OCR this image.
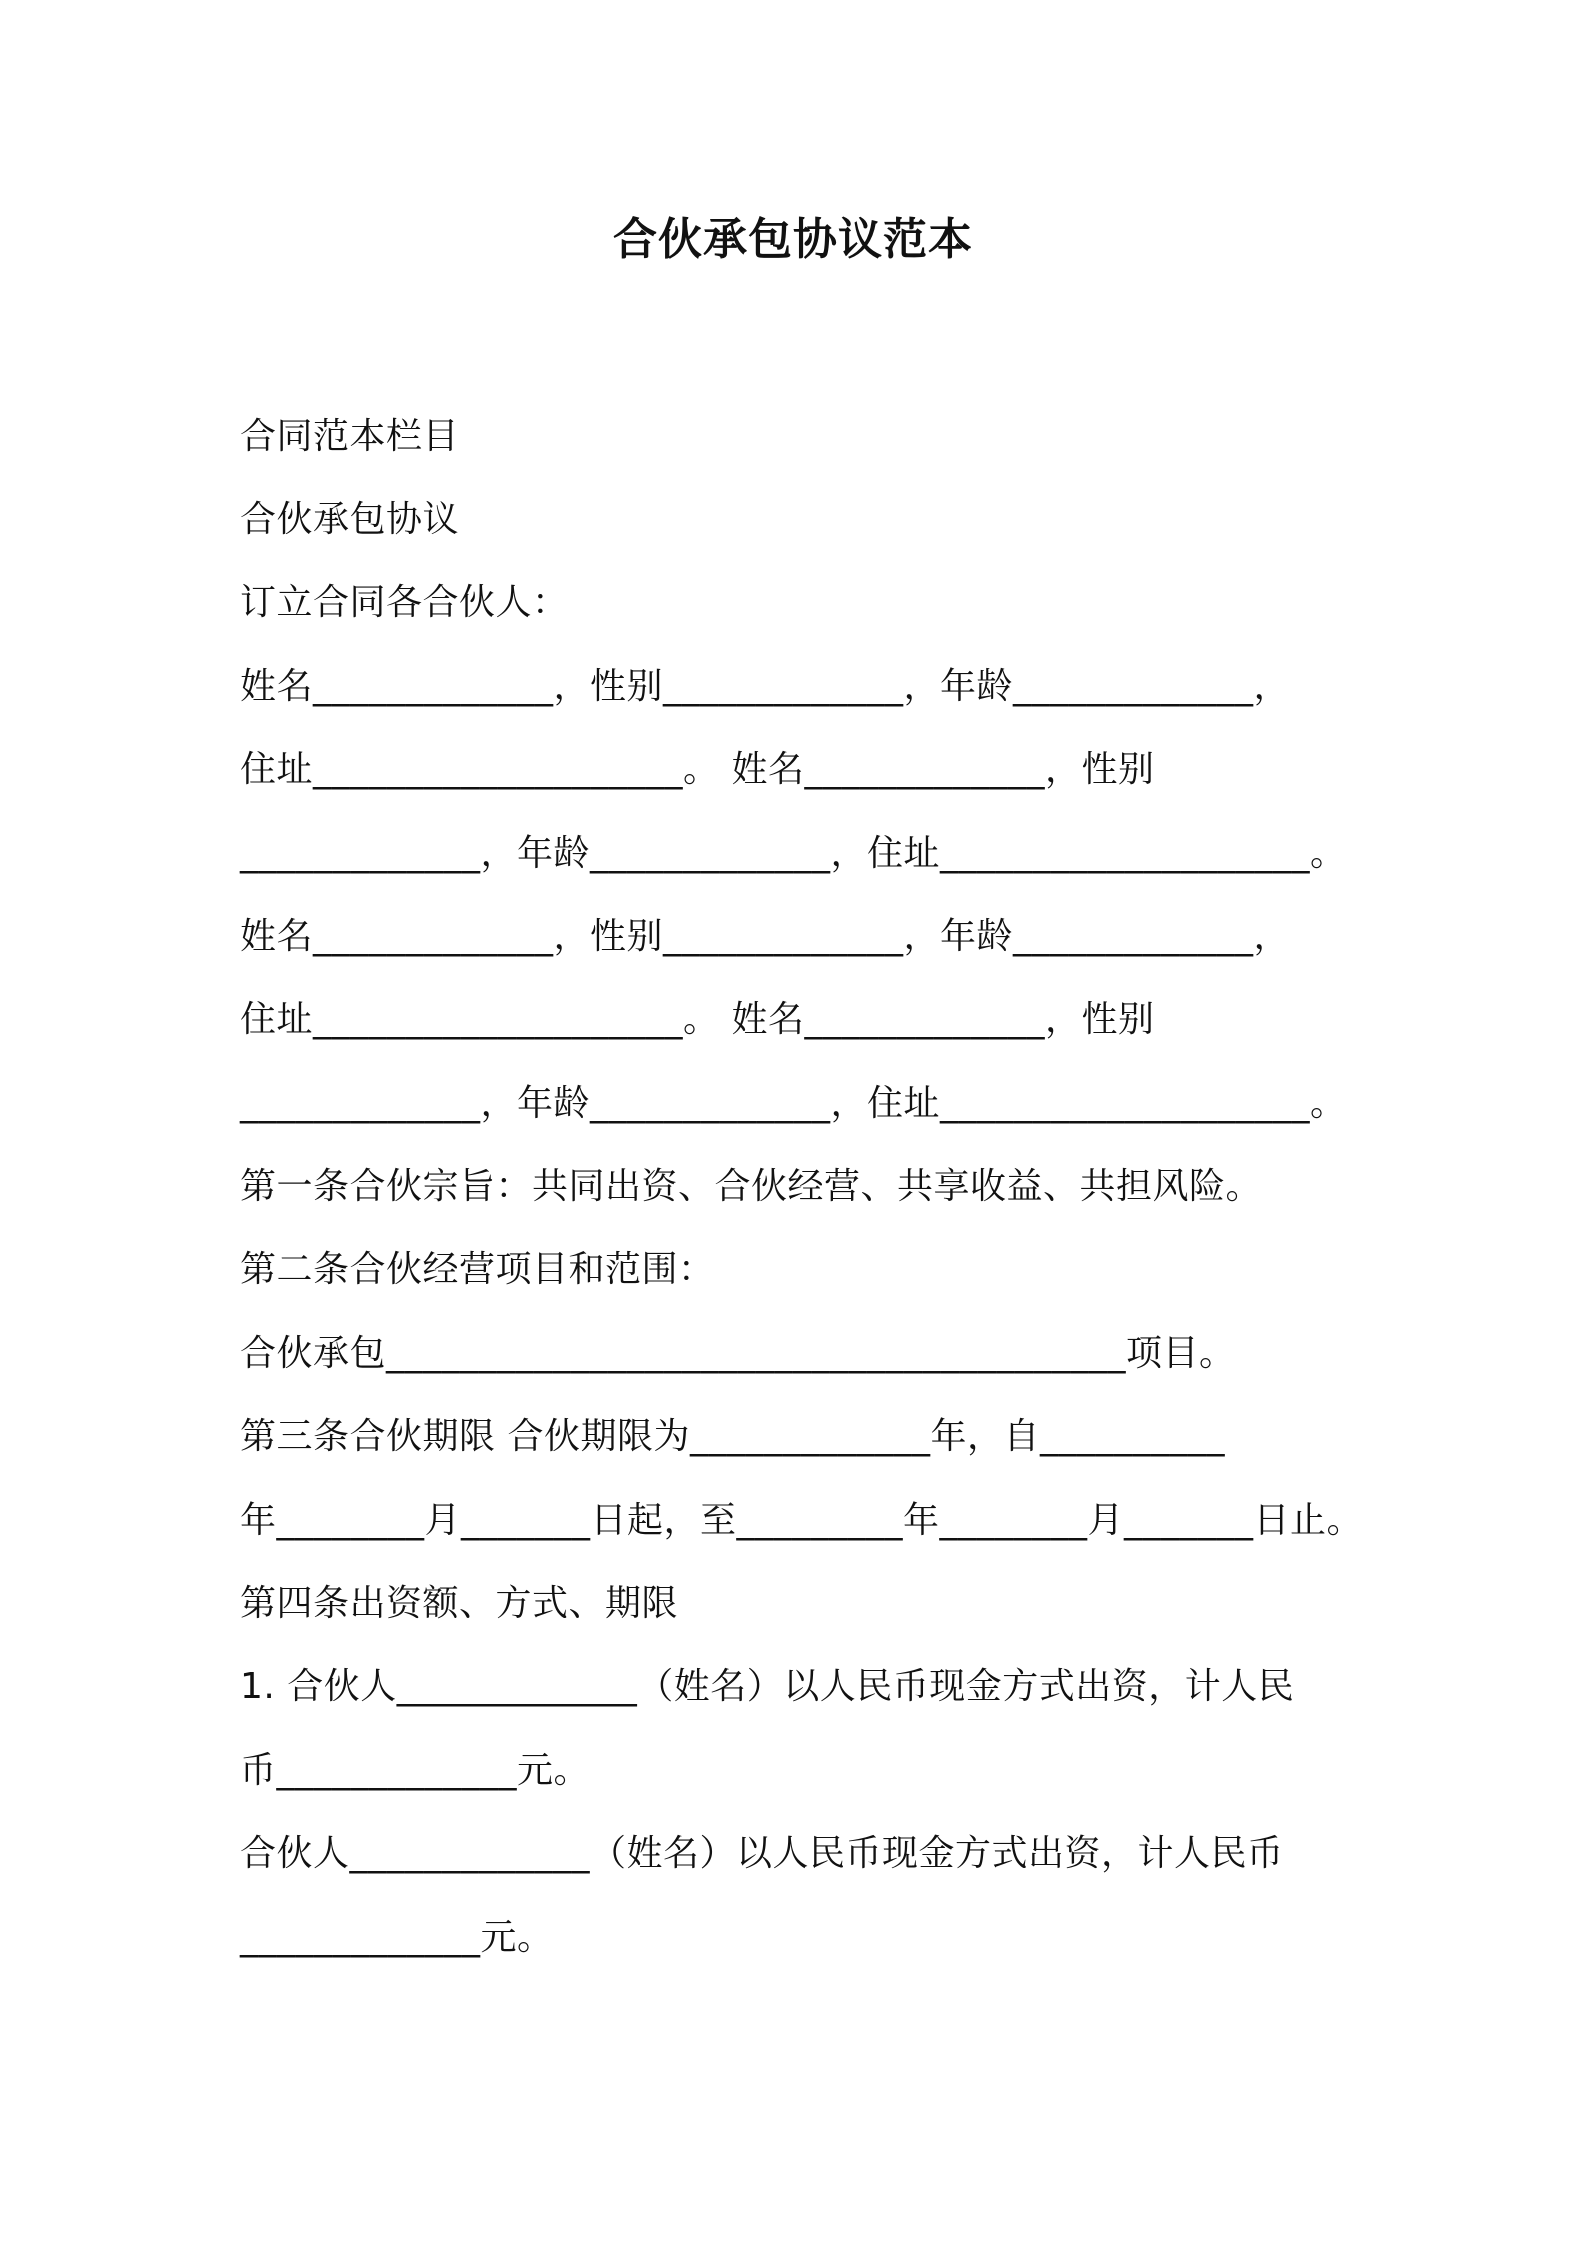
合伙承包协议范本
合同范本栏目
合伙承包协议
订立合同各合伙人：
姓名_____________，性别_____________，年龄_____________，
住址____________________。 姓名_____________，性别
_____________，年龄_____________，住址____________________。
姓名_____________，性别_____________，年龄_____________，
住址____________________。 姓名_____________，性别
_____________，年龄_____________，住址____________________。
第一条合伙宗旨：共同出资、合伙经营、共享收益、共担风险。
第二条合伙经营项目和范围：
合伙承包________________________________________项目。
第三条合伙期限 合伙期限为_____________年，自__________
年________月_______日起，至_________年________月_______日止。
第四条出资额、方式、期限
1. 合伙人_____________（姓名）以人民币现金方式出资，计人民
币_____________元。
合伙人_____________（姓名）以人民币现金方式出资，计人民币
_____________元。
